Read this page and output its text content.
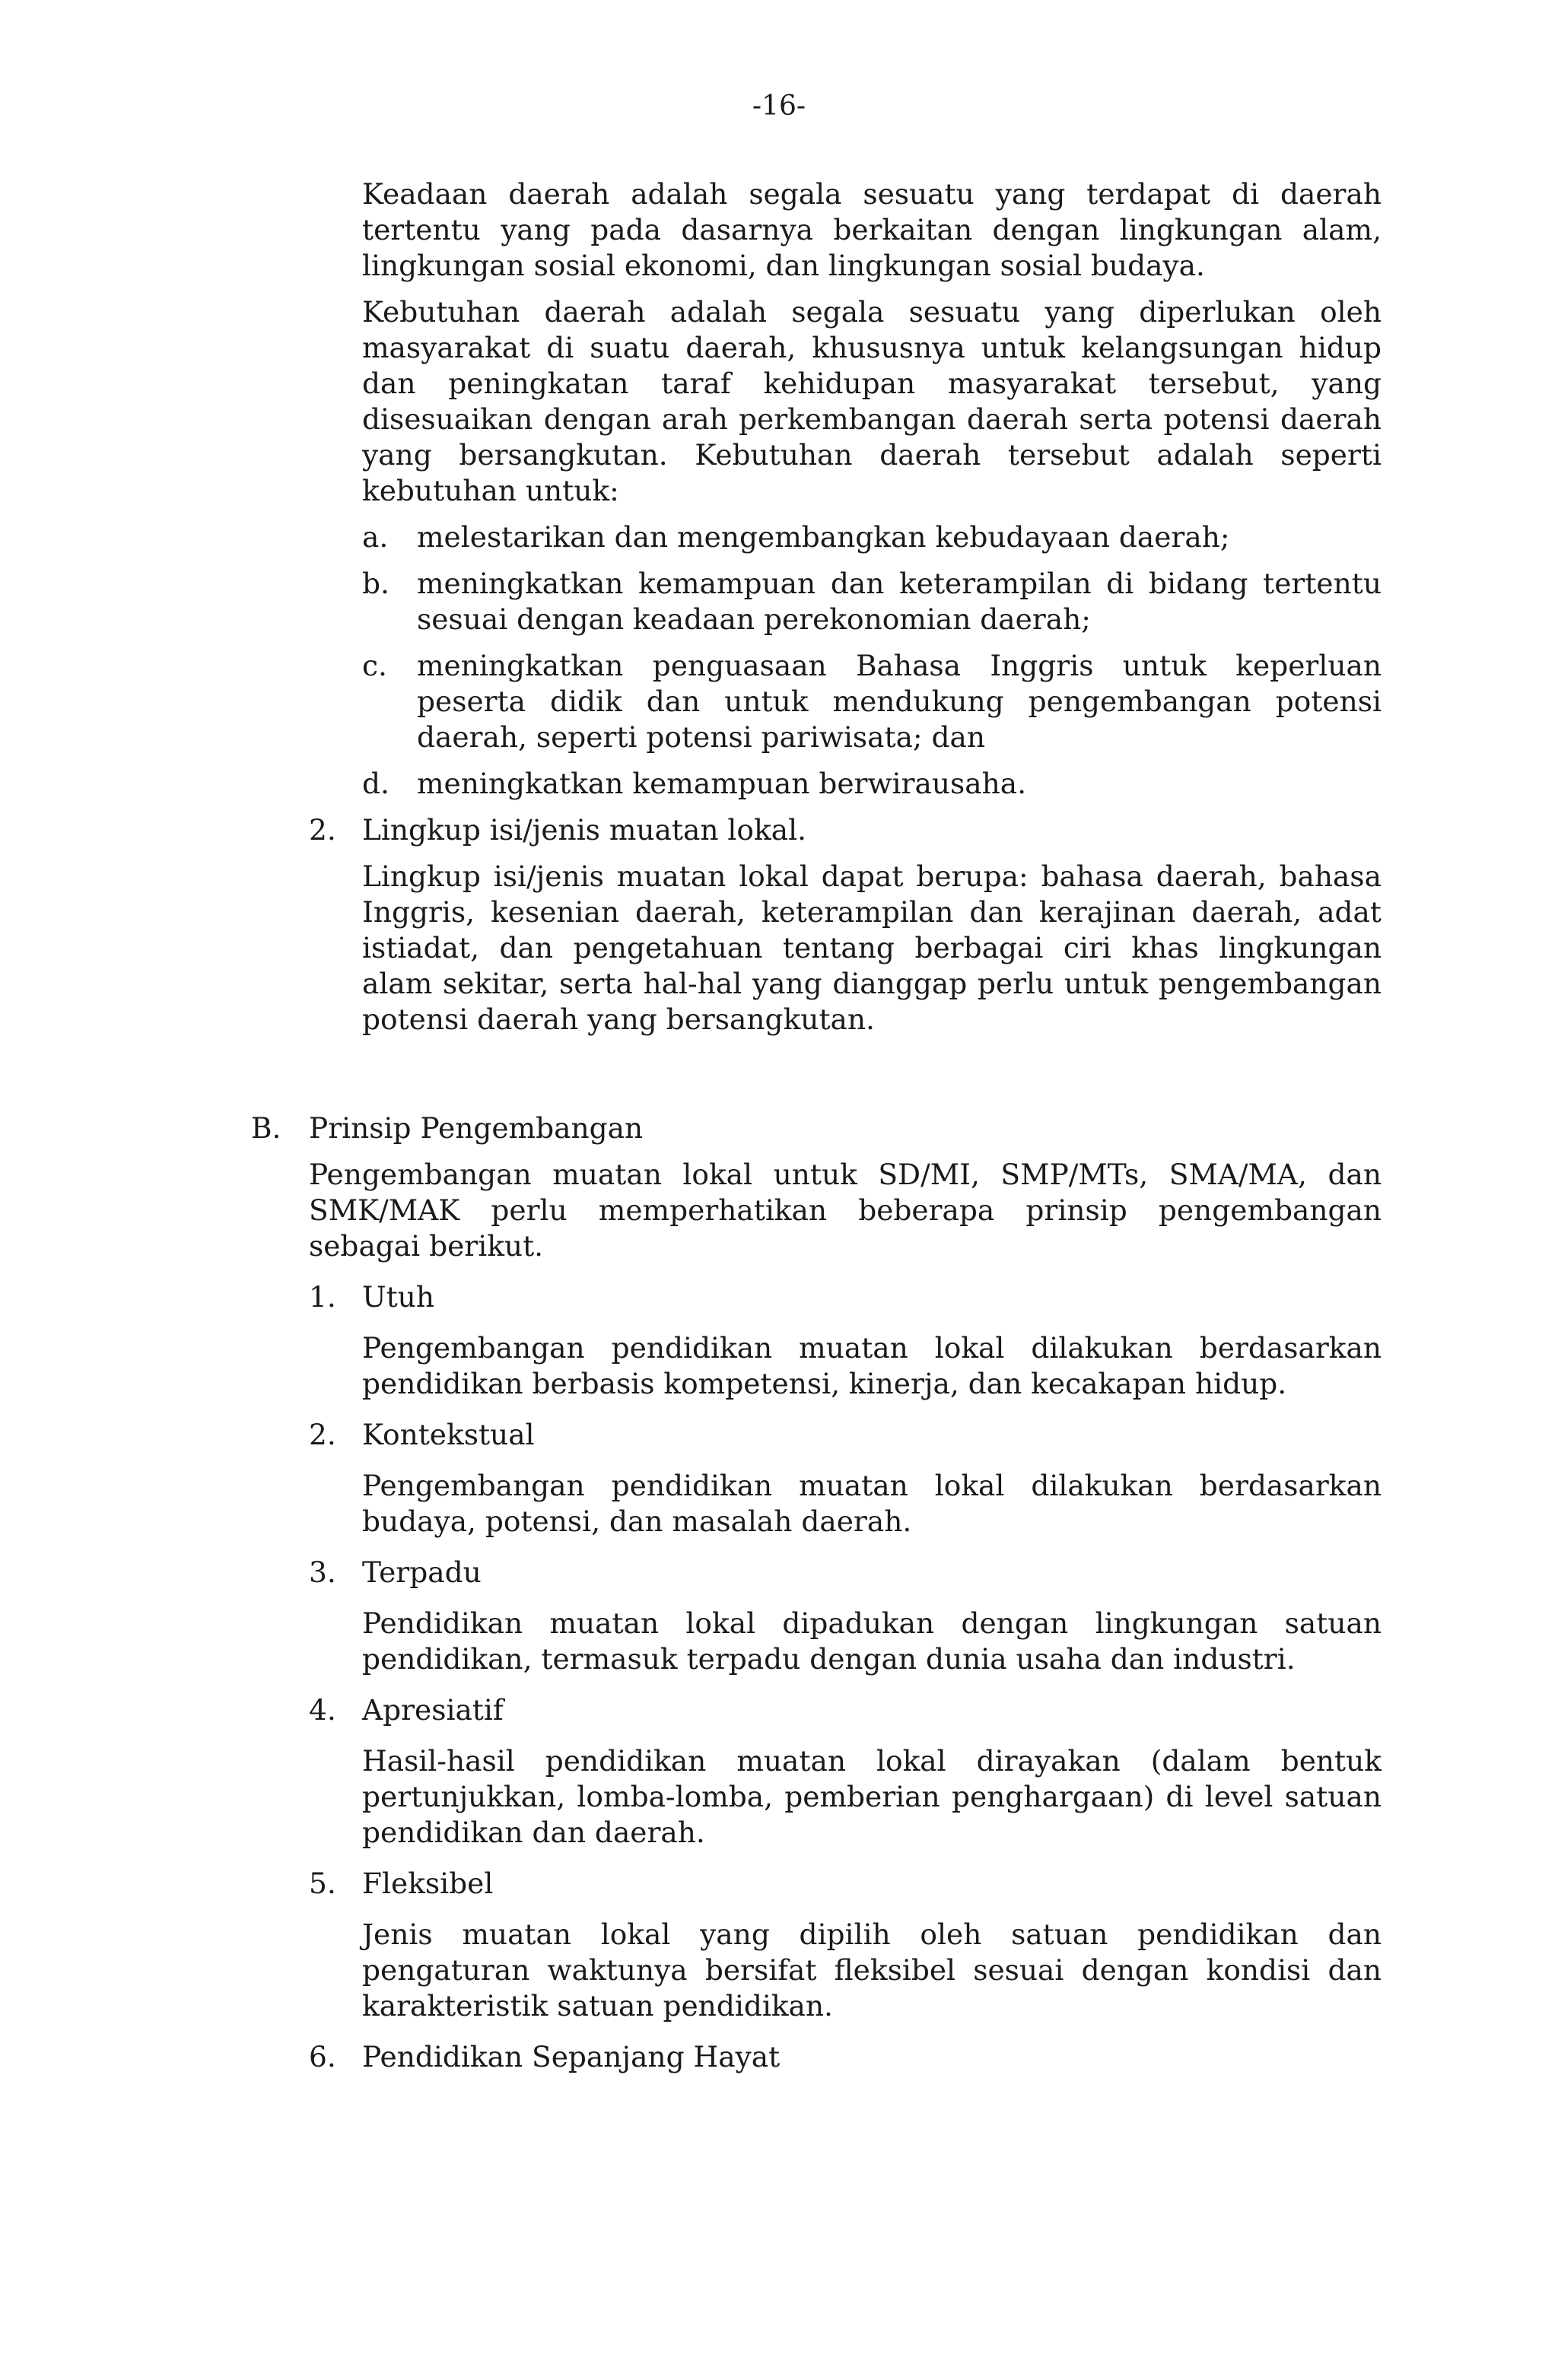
-16-

Keadaan daerah adalah segala sesuatu yang terdapat di daerah tertentu yang pada dasarnya berkaitan dengan lingkungan alam, lingkungan sosial ekonomi, dan lingkungan sosial budaya.

Kebutuhan daerah adalah segala sesuatu yang diperlukan oleh masyarakat di suatu daerah, khususnya untuk kelangsungan hidup dan peningkatan taraf kehidupan masyarakat tersebut, yang disesuaikan dengan arah perkembangan daerah serta potensi daerah yang bersangkutan. Kebutuhan daerah tersebut adalah seperti kebutuhan untuk:

a.	melestarikan dan mengembangkan kebudayaan daerah;
b. meningkatkan kemampuan dan keterampilan di bidang tertentu sesuai dengan keadaan perekonomian daerah;
c.	meningkatkan penguasaan Bahasa Inggris untuk keperluan peserta didik dan untuk mendukung pengembangan potensi daerah, seperti potensi pariwisata; dan
d. meningkatkan kemampuan berwirausaha.
2. Lingkup isi/jenis muatan lokal.

Lingkup isi/jenis muatan lokal dapat berupa: bahasa daerah, bahasa Inggris, kesenian daerah, keterampilan dan kerajinan daerah, adat istiadat, dan pengetahuan tentang berbagai ciri khas lingkungan alam sekitar, serta hal-hal yang dianggap perlu untuk pengembangan potensi daerah yang bersangkutan.

B. Prinsip Pengembangan

Pengembangan muatan lokal untuk SD/MI, SMP/MTs, SMA/MA, dan SMK/MAK perlu memperhatikan beberapa prinsip pengembangan sebagai berikut.

1. Utuh

Pengembangan pendidikan muatan lokal dilakukan berdasarkan pendidikan berbasis kompetensi, kinerja, dan kecakapan hidup.

2. Kontekstual

Pengembangan pendidikan muatan lokal dilakukan berdasarkan budaya, potensi, dan masalah daerah.

3. Terpadu

Pendidikan muatan lokal dipadukan dengan lingkungan satuan pendidikan, termasuk terpadu dengan dunia usaha dan industri.

4. Apresiatif

Hasil-hasil pendidikan muatan lokal dirayakan (dalam bentuk pertunjukkan, lomba-lomba, pemberian penghargaan) di level satuan pendidikan dan daerah.

5. Fleksibel

Jenis muatan lokal yang dipilih oleh satuan pendidikan dan pengaturan waktunya bersifat fleksibel sesuai dengan kondisi dan karakteristik satuan pendidikan.

6. Pendidikan Sepanjang Hayat
